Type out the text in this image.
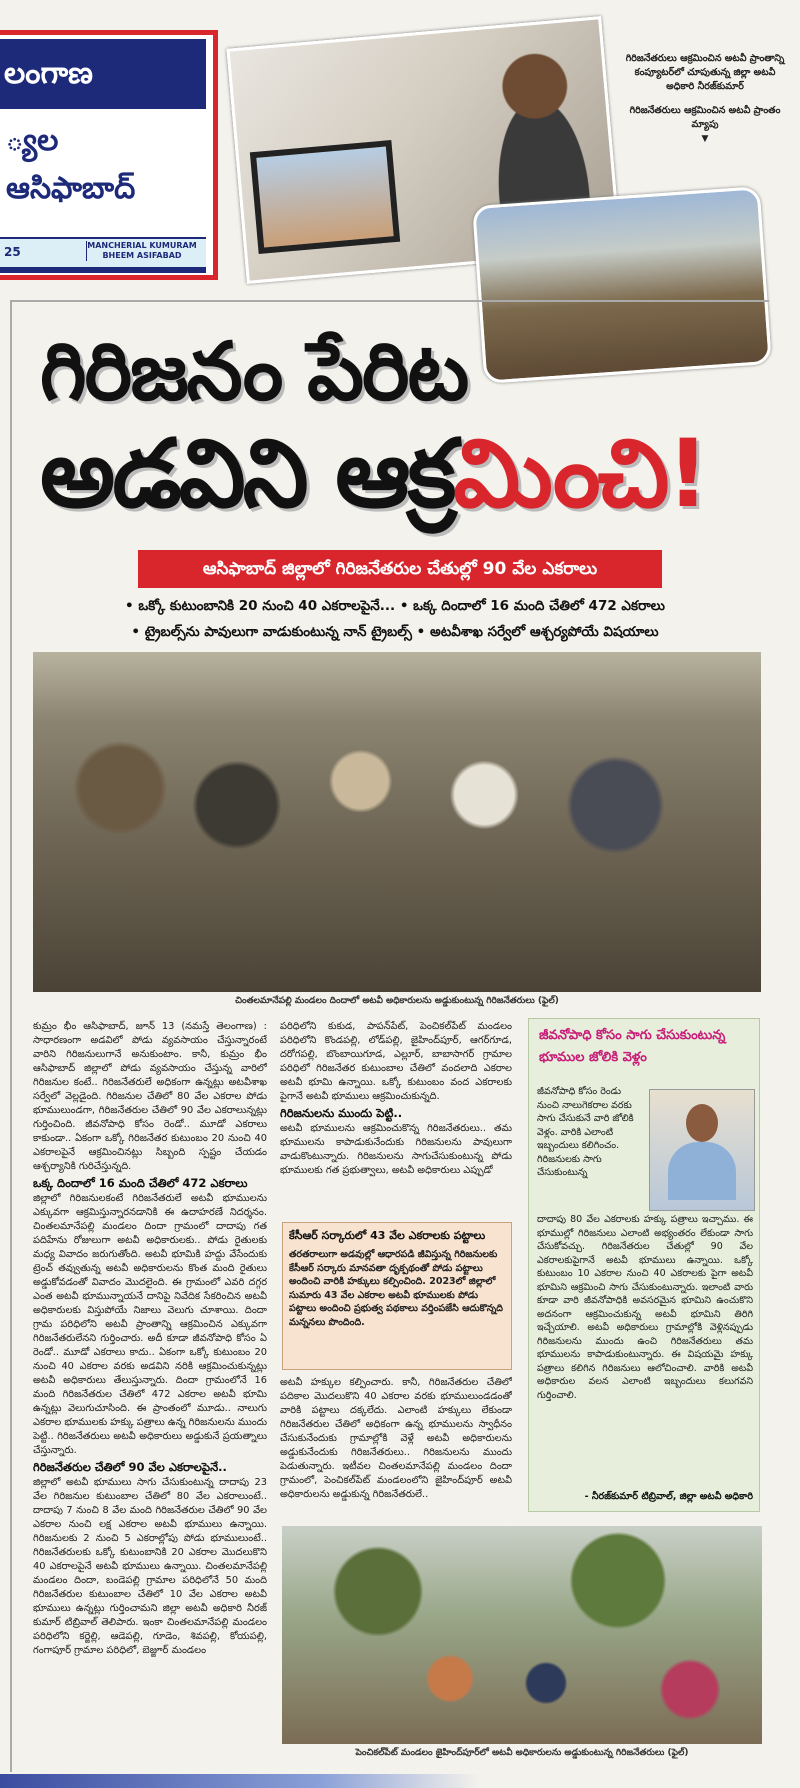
లంగాణ
్యల
ఆసిఫాబాద్
25	MANCHERIAL KUMURAM BHEEM ASIFABAD
గిరిజనేతరులు ఆక్రమించిన అటవీ ప్రాంతాన్ని కంప్యూటర్‌లో చూపుతున్న జిల్లా అటవీ అధికారి నీరజ్‌కుమార్
గిరిజనేతరులు ఆక్రమించిన అటవీ ప్రాంతం మ్యాపు
▼
గిరిజనం పేరిట
అడవిని ఆక్రమించి!
ఆసిఫాబాద్ జిల్లాలో గిరిజనేతరుల చేతుల్లో 90 వేల ఎకరాలు
• ఒక్కో కుటుంబానికి 20 నుంచి 40 ఎకరాలపైనే... • ఒక్క దిందాలో 16 మంది చేతిలో 472 ఎకరాలు
• ట్రైబల్స్‌ను పావులుగా వాడుకుంటున్న నాన్ ట్రైబల్స్ • అటవీశాఖ సర్వేలో ఆశ్చర్యపోయే విషయాలు
చింతలమానేపల్లి మండలం దిందాలో అటవీ అధికారులను అడ్డుకుంటున్న గిరిజనేతరులు (ఫైల్)
కుమ్రం భీం ఆసిఫాబాద్, జూన్ 13 (నమస్తే తెలంగాణ) : సాధారణంగా అడవిలో పోడు వ్యవసాయం చేస్తున్నారంటే వారిని గిరిజనులుగానే అనుకుంటాం. కానీ, కుమ్రం భీం ఆసిఫాబాద్ జిల్లాలో పోడు వ్యవసాయం చేస్తున్న వారిలో గిరిజనుల కంటే.. గిరిజనేతరులే అధికంగా ఉన్నట్లు అటవీశాఖ సర్వేలో వెల్లడైంది. గిరిజనుల చేతిలో 80 వేల ఎకరాల పోడు భూములుండగా, గిరిజనేతరుల చేతిలో 90 వేల ఎకరాలున్నట్లు గుర్తించింది. జీవనోపాధి కోసం రెండో.. మూడో ఎకరాలు కాకుండా.. ఏకంగా ఒక్కో గిరిజనేతర కుటుంబం 20 నుంచి 40 ఎకరాలపైనే ఆక్రమించినట్లు సిబ్బంది స్పష్టం చేయడం ఆశ్చర్యానికి గురిచేస్తున్నది.
ఒక్క దిందాలో 16 మంది చేతిలో 472 ఎకరాలు
జిల్లాలో గిరిజనులకంటే గిరిజనేతరులే అటవీ భూములను ఎక్కువగా ఆక్రమిస్తున్నారనడానికి ఈ ఉదాహరణే నిదర్శనం. చింతలమానేపల్లి మండలం దిందా గ్రామంలో దాదాపు గత పదిహేను రోజులుగా అటవీ అధికారులకు.. పోడు రైతులకు మధ్య వివాదం జరుగుతోంది. అటవీ భూమికి హద్దు వేసేందుకు ట్రెంచ్ తవ్వుతున్న అటవీ అధికారులను కొంత మంది రైతులు అడ్డుకోవడంతో వివాదం మొదలైంది. ఈ గ్రామంలో ఎవరి దగ్గర ఎంత అటవీ భూమున్నాయనే దానిపై నివేదిక సేకరించిన అటవీ అధికారులకు విస్తుపోయే నిజాలు వెలుగు చూశాయి. దిందా గ్రామ పరిధిలోని అటవీ ప్రాంతాన్ని ఆక్రమించిన ఎక్కువగా గిరిజనేతరులేనని గుర్తించారు. అదీ కూడా జీవనోపాధి కోసం ఏ రెండో.. మూడో ఎకరాలు కాదు.. ఏకంగా ఒక్కో కుటుంబం 20 నుంచి 40 ఎకరాల వరకు అడవిని నరికి ఆక్రమించుకున్నట్లు అటవీ అధికారులు తేలుస్తున్నారు. దిందా గ్రామంలోనే 16 మంది గిరిజనేతరుల చేతిలో 472 ఎకరాల అటవీ భూమి ఉన్నట్లు వెలుగుచూసింది. ఈ ప్రాంతంలో మూడు.. నాలుగు ఎకరాల భూములకు హక్కు పత్రాలు ఉన్న గిరిజనులను ముందు పెట్టి.. గిరిజనేతరులు అటవీ అధికారులు అడ్డుకునే ప్రయత్నాలు చేస్తున్నారు.
గిరిజనేతరుల చేతిలో 90 వేల ఎకరాలపైనే..
జిల్లాలో అటవీ భూములు సాగు చేసుకుంటున్న దాదాపు 23 వేల గిరిజనుల కుటుంబాల చేతిలో 80 వేల ఎకరాలుంటే.. దాదాపు 7 నుంచి 8 వేల మంది గిరిజనేతరుల చేతిలో 90 వేల ఎకరాల నుంచి లక్ష ఎకరాల అటవీ భూములు ఉన్నాయి. గిరిజనులకు 2 నుంచి 5 ఎకరాల్లోపు పోడు భూములుంటే.. గిరిజనేతరులకు ఒక్కో కుటుంబానికి 20 ఎకరాల మొదలుకొని 40 ఎకరాలపైనే అటవీ భూములు ఉన్నాయి. చింతలమానేపల్లి మండలం దిందా, బండెపల్లి గ్రామాల పరిధిలోనే 50 మంది గిరిజనేతరుల కుటుంబాల చేతిలో 10 వేల ఎకరాల అటవీ భూములు ఉన్నట్లు గుర్తించామని జిల్లా అటవీ అధికారి నీరజ్ కుమార్ టిబ్రివాల్ తెలిపారు. ఇంకా చింతలమానేపల్లి మండలం పరిధిలోని కర్జెల్లి, ఆడెపల్లి, గూడెం, శివపల్లి, కోయపల్లి, గంగాపూర్ గ్రామాల పరిధిలో, బెజ్జూర్ మండలం
పరిధిలోని కుకుడ, పాపన్‌పేట్, పెంచికల్‌పేట్ మండలం పరిధిలోని కొండపల్లి, లోడ్‌పల్లి, జైహింద్‌పూర్, ఆగర్‌గూడ, దరోగపల్లి, బొంబాయిగూడ, ఎల్లూర్, బాబాసాగర్ గ్రామాల పరిధిలో గిరిజనేతర కుటుంబాల చేతిలో వందలాది ఎకరాల అటవీ భూమి ఉన్నాయి. ఒక్కో కుటుంబం వంద ఎకరాలకు పైగానే అటవీ భూములు ఆక్రమించుకున్నది.
గిరిజనులను ముందు పెట్టి..
అటవీ భూములను ఆక్రమించుకొన్న గిరిజనేతరులు.. తమ భూములను కాపాడుకునేందుకు గిరిజనులను పావులుగా వాడుకొంటున్నారు. గిరిజనులను సాగుచేసుకుంటున్న పోడు భూములకు గత ప్రభుత్వాలు, అటవీ అధికారులు ఎప్పుడో
కేసీఆర్ సర్కారులో 43 వేల ఎకరాలకు పట్టాలు
తరతరాలుగా అడవుల్లో ఆధారపడి జీవిస్తున్న గిరిజనులకు కేసీఆర్ సర్కారు మానవతా దృక్పథంతో పోడు పట్టాలు అందించి వారికి హక్కులు కల్పించింది. 2023లో జిల్లాలో సుమారు 43 వేల ఎకరాల అటవీ భూములకు పోడు పట్టాలు అందించి ప్రభుత్వ పథకాలు వర్తింపజేసి ఆదుకొన్నది మన్ననలు పొందింది.
అటవీ హక్కుల కల్పించారు. కానీ, గిరిజనేతరుల చేతిలో పదికాల మొదలుకొని 40 ఎకరాల వరకు భూములుండడంతో వారికి పట్టాలు దక్కలేదు. ఎలాంటి హక్కులు లేకుండా గిరిజనేతరుల చేతిలో అధికంగా ఉన్న భూములను స్వాధీనం చేసుకునేందుకు గ్రామాల్లోకి వెళ్లే అటవీ అధికారులను అడ్డుకునేందుకు గిరిజనేతరులు.. గిరిజనులను ముందు పెడుతున్నారు. ఇటీవల చింతలమానేపల్లి మండలం దిందా గ్రామంలో, పెంచికల్‌పేట్ మండలంలోని జైహింద్‌పూర్ అటవీ అధికారులను అడ్డుకున్న గిరిజనేతరులే..
జీవనోపాధి కోసం సాగు చేసుకుంటున్న భూముల జోలికి వెళ్లం
జీవనోపాధి కోసం రెండు నుంచి నాలుగెకరాల వరకు సాగు చేసుకునే వారి జోలికి వెళ్లం. వారికి ఎలాంటి ఇబ్బందులు కలిగించం. గిరిజనులకు సాగు చేసుకుంటున్న
దాదాపు 80 వేల ఎకరాలకు హక్కు పత్రాలు ఇచ్చాము. ఈ భూముల్లో గిరిజనులు ఎలాంటి అభ్యంతరం లేకుండా సాగు చేసుకోవచ్చు. గిరిజనేతరుల చేతుల్లో 90 వేల ఎకరాలకుపైగానే అటవీ భూములు ఉన్నాయి. ఒక్కో కుటుంబం 10 ఎకరాల నుంచి 40 ఎకరాలకు పైగా అటవీ భూమిని ఆక్రమించి సాగు చేసుకుంటున్నారు. ఇలాంటి వారు కూడా వారి జీవనోపాధికి అవసరమైన భూమిని ఉంచుకొని అదనంగా ఆక్రమించుకున్న అటవీ భూమిని తిరిగి ఇచ్చేయాలి. అటవీ అధికారులు గ్రామాల్లోకి వెళ్లినప్పుడు గిరిజనులను ముందు ఉంచి గిరిజనేతరులు తమ భూములను కాపాడుకుంటున్నారు. ఈ విషయమై హక్కు పత్రాలు కలిగిన గిరిజనులు ఆలోచించాలి. వారికి అటవీ అధికారుల వలన ఎలాంటి ఇబ్బందులు కలుగవని గుర్తించాలి.
- నీరజ్‌కుమార్ టిబ్రివాల్, జిల్లా అటవీ అధికారి
పెంచికల్‌పేట్ మండలం జైహింద్‌పూర్‌లో అటవీ అధికారులను అడ్డుకుంటున్న గిరిజనేతరులు (ఫైల్)
